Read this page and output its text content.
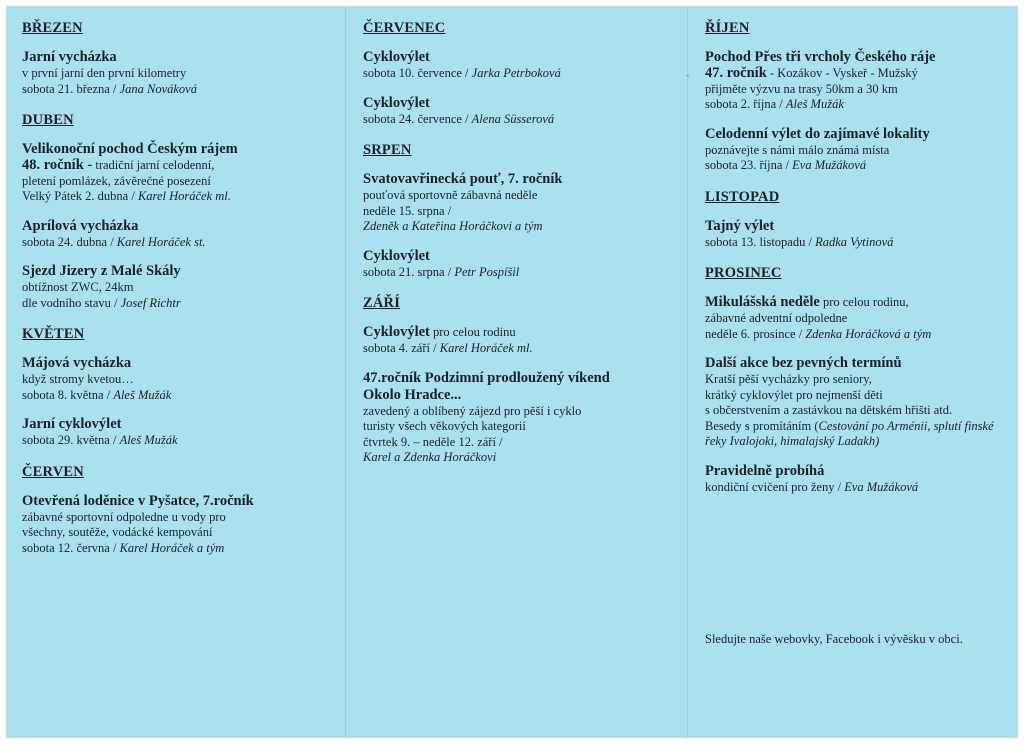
-
BŘEZEN
Jarní vycházka
v první jarní den první kilometry
sobota 21. března / Jana Nováková
DUBEN
Velikonoční pochod Českým rájem
48. ročník - tradiční jarní celodenní,
pletení pomlázek, závěrečné posezení
Velký Pátek 2. dubna / Karel Horáček ml.
Aprílová vycházka
sobota 24. dubna / Karel Horáček st.
Sjezd Jizery z Malé Skály
obtížnost ZWC, 24km
dle vodního stavu / Josef Richtr
KVĚTEN
Májová vycházka
když stromy kvetou…
sobota 8. května / Aleš Mužák
Jarní cyklovýlet
sobota 29. května / Aleš Mužák
ČERVEN
Otevřená loděnice v Pyšatce, 7.ročník
zábavné sportovní odpoledne u vody pro
všechny, soutěže, vodácké kempování
sobota 12. června / Karel Horáček a tým
ČERVENEC
Cyklovýlet
sobota 10. července / Jarka Petrboková
Cyklovýlet
sobota 24. července / Alena Süsserová
SRPEN
Svatovavřinecká pouť, 7. ročník
pouťová sportovně zábavná neděle
neděle 15. srpna /
Zdeněk a Kateřina Horáčkovi a tým
Cyklovýlet
sobota 21. srpna / Petr Pospíšil
ZÁŘÍ
Cyklovýlet pro celou rodinu
sobota 4. září / Karel Horáček ml.
47.ročník Podzimní prodloužený víkend
Okolo Hradce...
zavedený a oblíbený zájezd pro pěší i cyklo
turisty všech věkových kategorií
čtvrtek 9. – neděle 12. září /
Karel a Zdenka Horáčkovi
ŘÍJEN
Pochod Přes tři vrcholy Českého ráje
47. ročník - Kozákov - Vyskeř - Mužský
přijměte výzvu na trasy 50km a 30 km
sobota 2. října / Aleš Mužák
Celodenní výlet do zajímavé lokality
poznávejte s námi málo známá místa
sobota 23. října / Eva Mužáková
LISTOPAD
Tajný výlet
sobota 13. listopadu / Radka Vytinová
PROSINEC
Mikulášská neděle pro celou rodinu,
zábavné adventní odpoledne
neděle 6. prosince / Zdenka Horáčková a tým
Další akce bez pevných termínů
Kratší pěší vycházky pro seniory,
krátký cyklovýlet pro nejmenší děti
s občerstvením a zastávkou na dětském hřišti atd.
Besedy s promítáním (Cestování po Arménii, splutí finské řeky Ivalojoki, himalajský Ladakh)
Pravidelně probíhá
kondiční cvičení pro ženy / Eva Mužáková
Sledujte naše webovky, Facebook i vývěsku v obci.
